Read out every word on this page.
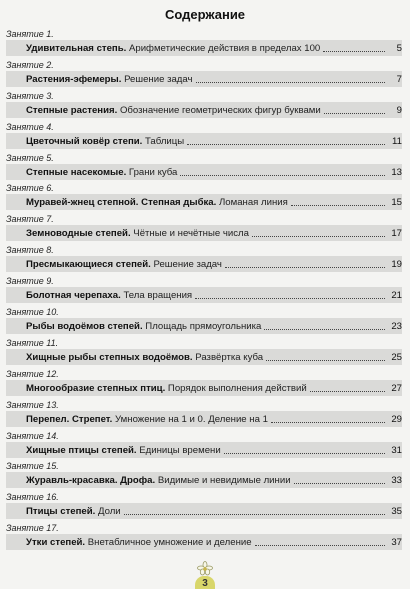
Содержание
Занятие 1.
Удивительная степь. Арифметические действия в пределах 100	5
Занятие 2.
Растения-эфемеры. Решение задач	7
Занятие 3.
Степные растения. Обозначение геометрических фигур буквами	9
Занятие 4.
Цветочный ковёр степи. Таблицы	11
Занятие 5.
Степные насекомые. Грани куба	13
Занятие 6.
Муравей-жнец степной. Степная дыбка. Ломаная линия	15
Занятие 7.
Земноводные степей. Чётные и нечётные числа	17
Занятие 8.
Пресмыкающиеся степей. Решение задач	19
Занятие 9.
Болотная черепаха. Тела вращения	21
Занятие 10.
Рыбы водоёмов степей. Площадь прямоугольника	23
Занятие 11.
Хищные рыбы степных водоёмов. Развёртка куба	25
Занятие 12.
Многообразие степных птиц. Порядок выполнения действий	27
Занятие 13.
Перепел. Стрепет. Умножение на 1 и 0. Деление на 1	29
Занятие 14.
Хищные птицы степей. Единицы времени	31
Занятие 15.
Журавль-красавка. Дрофа. Видимые и невидимые линии	33
Занятие 16.
Птицы степей. Доли	35
Занятие 17.
Утки степей. Внетабличное умножение и деление	37
3
